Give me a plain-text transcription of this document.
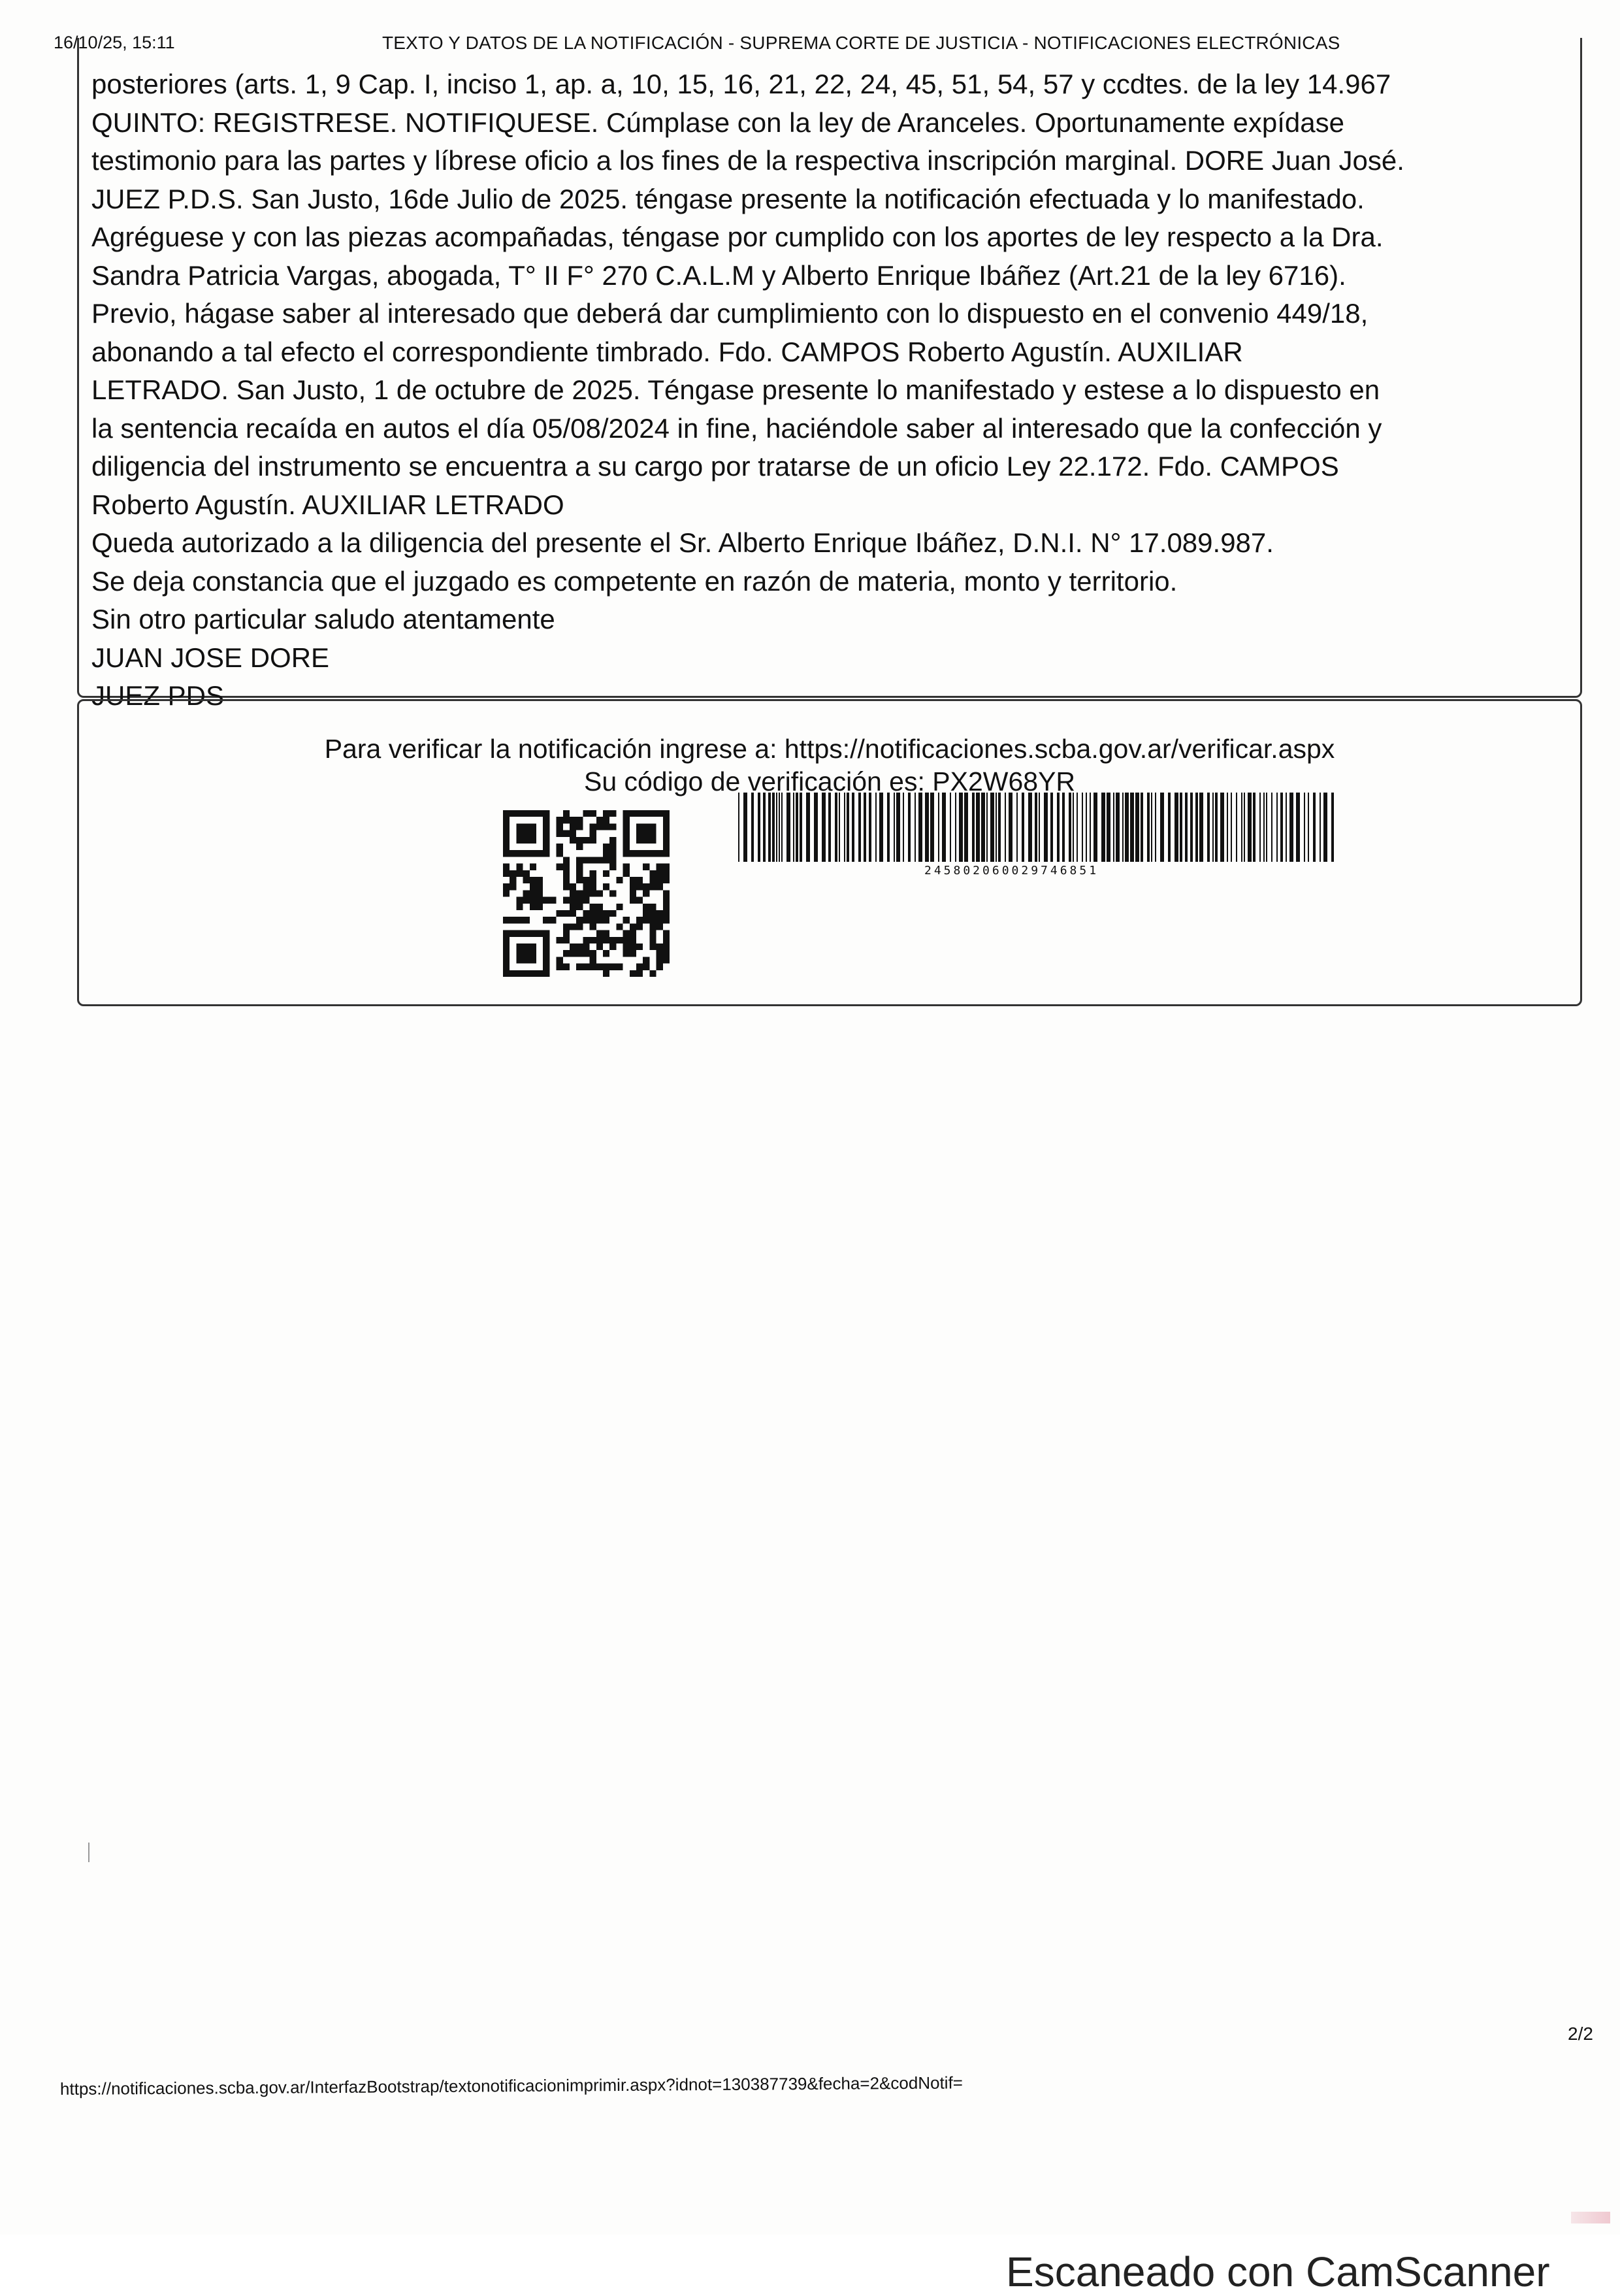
16/10/25, 15:11	TEXTO Y DATOS DE LA NOTIFICACIÓN - SUPREMA CORTE DE JUSTICIA - NOTIFICACIONES ELECTRÓNICAS
posteriores (arts. 1, 9 Cap. I, inciso 1, ap. a, 10, 15, 16, 21, 22, 24, 45, 51, 54, 57 y ccdtes. de la ley 14.967
QUINTO: REGISTRESE. NOTIFIQUESE. Cúmplase con la ley de Aranceles. Oportunamente expídase
testimonio para las partes y líbrese oficio a los fines de la respectiva inscripción marginal. DORE Juan José.
JUEZ P.D.S. San Justo, 16de Julio de 2025. téngase presente la notificación efectuada y lo manifestado.
Agréguese y con las piezas acompañadas, téngase por cumplido con los aportes de ley respecto a la Dra.
Sandra Patricia Vargas, abogada, T° II F° 270 C.A.L.M y Alberto Enrique Ibáñez (Art.21 de la ley 6716).
Previo, hágase saber al interesado que deberá dar cumplimiento con lo dispuesto en el convenio 449/18,
abonando a tal efecto el correspondiente timbrado. Fdo. CAMPOS Roberto Agustín. AUXILIAR
LETRADO. San Justo, 1 de octubre de 2025. Téngase presente lo manifestado y estese a lo dispuesto en
la sentencia recaída en autos el día 05/08/2024 in fine, haciéndole saber al interesado que la confección y
diligencia del instrumento se encuentra a su cargo por tratarse de un oficio Ley 22.172. Fdo. CAMPOS
Roberto Agustín. AUXILIAR LETRADO
Queda autorizado a la diligencia del presente el Sr. Alberto Enrique Ibáñez, D.N.I. N° 17.089.987.
Se deja constancia que el juzgado es competente en razón de materia, monto y territorio.
Sin otro particular saludo atentamente
JUAN JOSE DORE
JUEZ PDS
Para verificar la notificación ingrese a: https://notificaciones.scba.gov.ar/verificar.aspx
Su código de verificación es: PX2W68YR
245802060029746851
2/2
https://notificaciones.scba.gov.ar/InterfazBootstrap/textonotificacionimprimir.aspx?idnot=130387739&fecha=2&codNotif=
Escaneado con CamScanner
